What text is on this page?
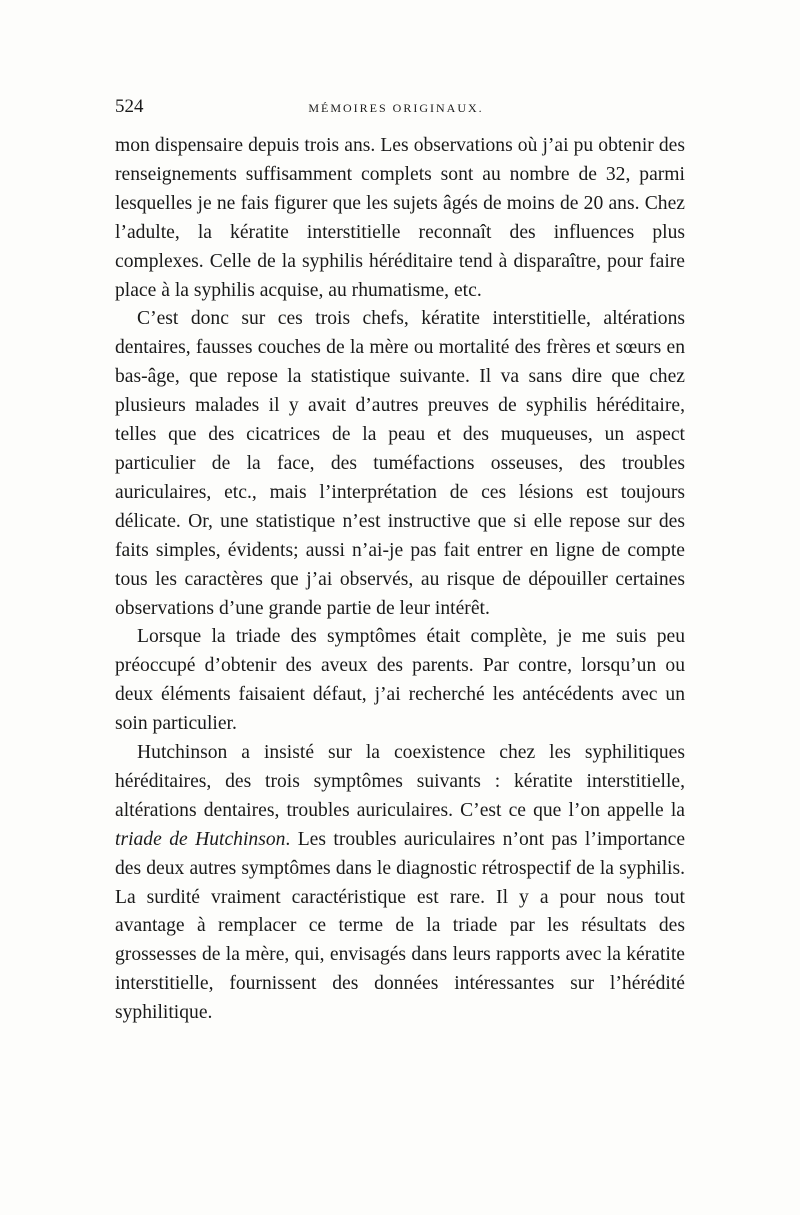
524	MÉMOIRES ORIGINAUX.

mon dispensaire depuis trois ans. Les observations où j’ai pu obtenir des renseignements suffisamment complets sont au nombre de 32, parmi lesquelles je ne fais figurer que les sujets âgés de moins de 20 ans. Chez l’adulte, la kératite interstitielle reconnaît des influences plus complexes. Celle de la syphilis héréditaire tend à disparaître, pour faire place à la syphilis acquise, au rhumatisme, etc.

C’est donc sur ces trois chefs, kératite interstitielle, altérations dentaires, fausses couches de la mère ou mortalité des frères et sœurs en bas-âge, que repose la statistique suivante. Il va sans dire que chez plusieurs malades il y avait d’autres preuves de syphilis héréditaire, telles que des cicatrices de la peau et des muqueuses, un aspect particulier de la face, des tuméfactions osseuses, des troubles auriculaires, etc., mais l’interprétation de ces lésions est toujours délicate. Or, une statistique n’est instructive que si elle repose sur des faits simples, évidents; aussi n’ai-je pas fait entrer en ligne de compte tous les caractères que j’ai observés, au risque de dépouiller certaines observations d’une grande partie de leur intérêt.

Lorsque la triade des symptômes était complète, je me suis peu préoccupé d’obtenir des aveux des parents. Par contre, lorsqu’un ou deux éléments faisaient défaut, j’ai recherché les antécédents avec un soin particulier.

Hutchinson a insisté sur la coexistence chez les syphilitiques héréditaires, des trois symptômes suivants : kératite interstitielle, altérations dentaires, troubles auriculaires. C’est ce que l’on appelle la triade de Hutchinson. Les troubles auriculaires n’ont pas l’importance des deux autres symptômes dans le diagnostic rétrospectif de la syphilis. La surdité vraiment caractéristique est rare. Il y a pour nous tout avantage à remplacer ce terme de la triade par les résultats des grossesses de la mère, qui, envisagés dans leurs rapports avec la kératite interstitielle, fournissent des données intéressantes sur l’hérédité syphilitique.
